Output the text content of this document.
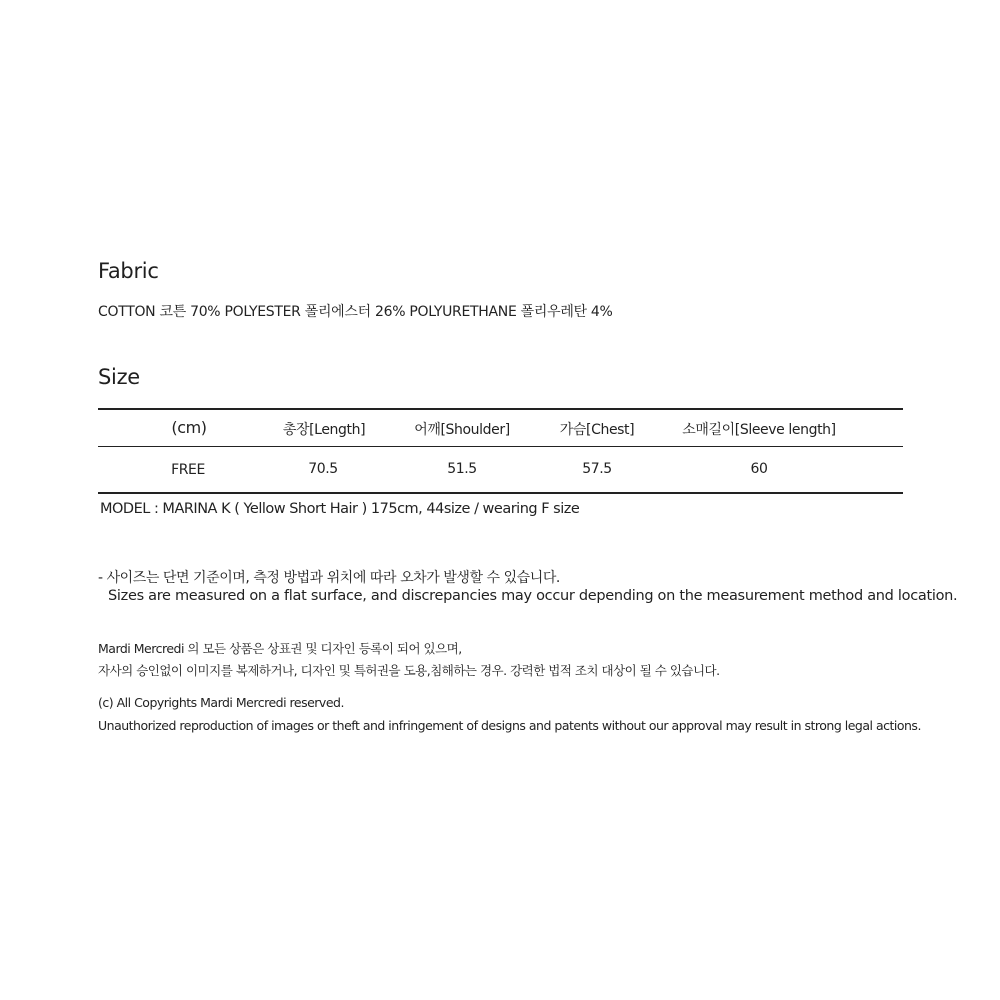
Fabric
COTTON 코튼 70% POLYESTER 폴리에스터 26% POLYURETHANE 폴리우레탄 4%
Size
(cm)	총장[Length]	어깨[Shoulder]	가슴[Chest]	소매길이[Sleeve length]
FREE	70.5	51.5	57.5	60
MODEL : MARINA K ( Yellow Short Hair ) 175cm, 44size / wearing F size
- 사이즈는 단면 기준이며, 측정 방법과 위치에 따라 오차가 발생할 수 있습니다.
Sizes are measured on a flat surface, and discrepancies may occur depending on the measurement method and location.
Mardi Mercredi 의 모든 상품은 상표권 및 디자인 등록이 되어 있으며,
자사의 승인없이 이미지를 복제하거나, 디자인 및 특허권을 도용,침해하는 경우. 강력한 법적 조치 대상이 될 수 있습니다.
(c) All Copyrights Mardi Mercredi reserved.
Unauthorized reproduction of images or theft and infringement of designs and patents without our approval may result in strong legal actions.
